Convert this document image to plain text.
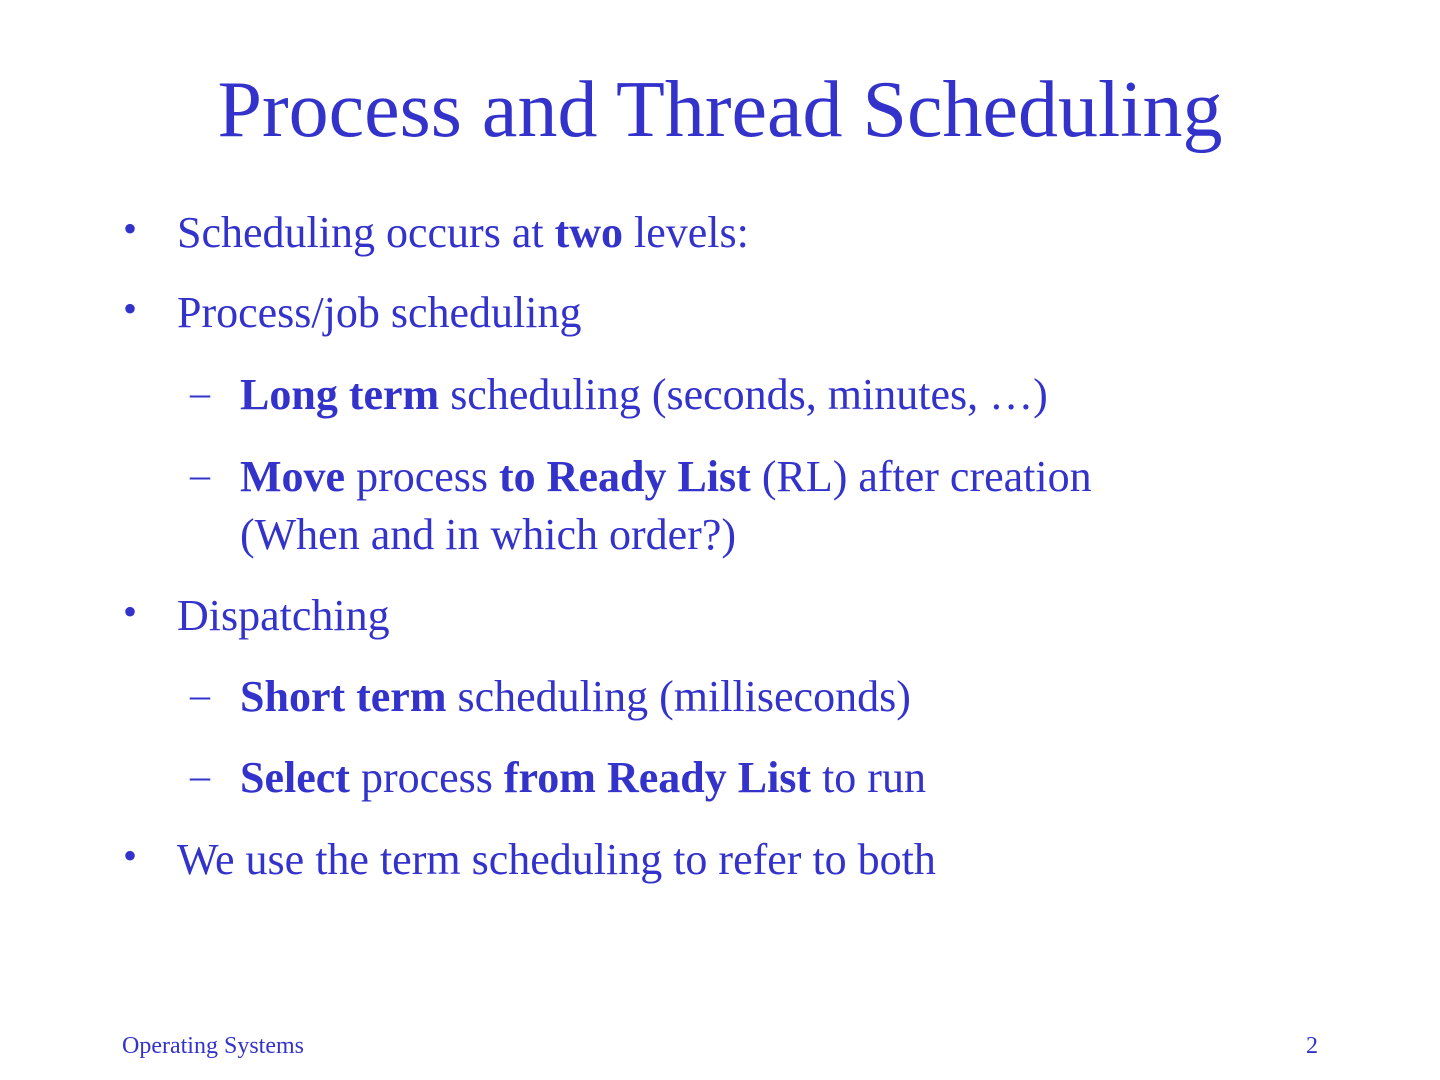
Process and Thread Scheduling
• Scheduling occurs at two levels:
• Process/job scheduling
– Long term scheduling (seconds, minutes, …)
– Move process to Ready List (RL) after creation
(When and in which order?)
• Dispatching
– Short term scheduling (milliseconds)
– Select process from Ready List to run
• We use the term scheduling to refer to both
Operating Systems	2
